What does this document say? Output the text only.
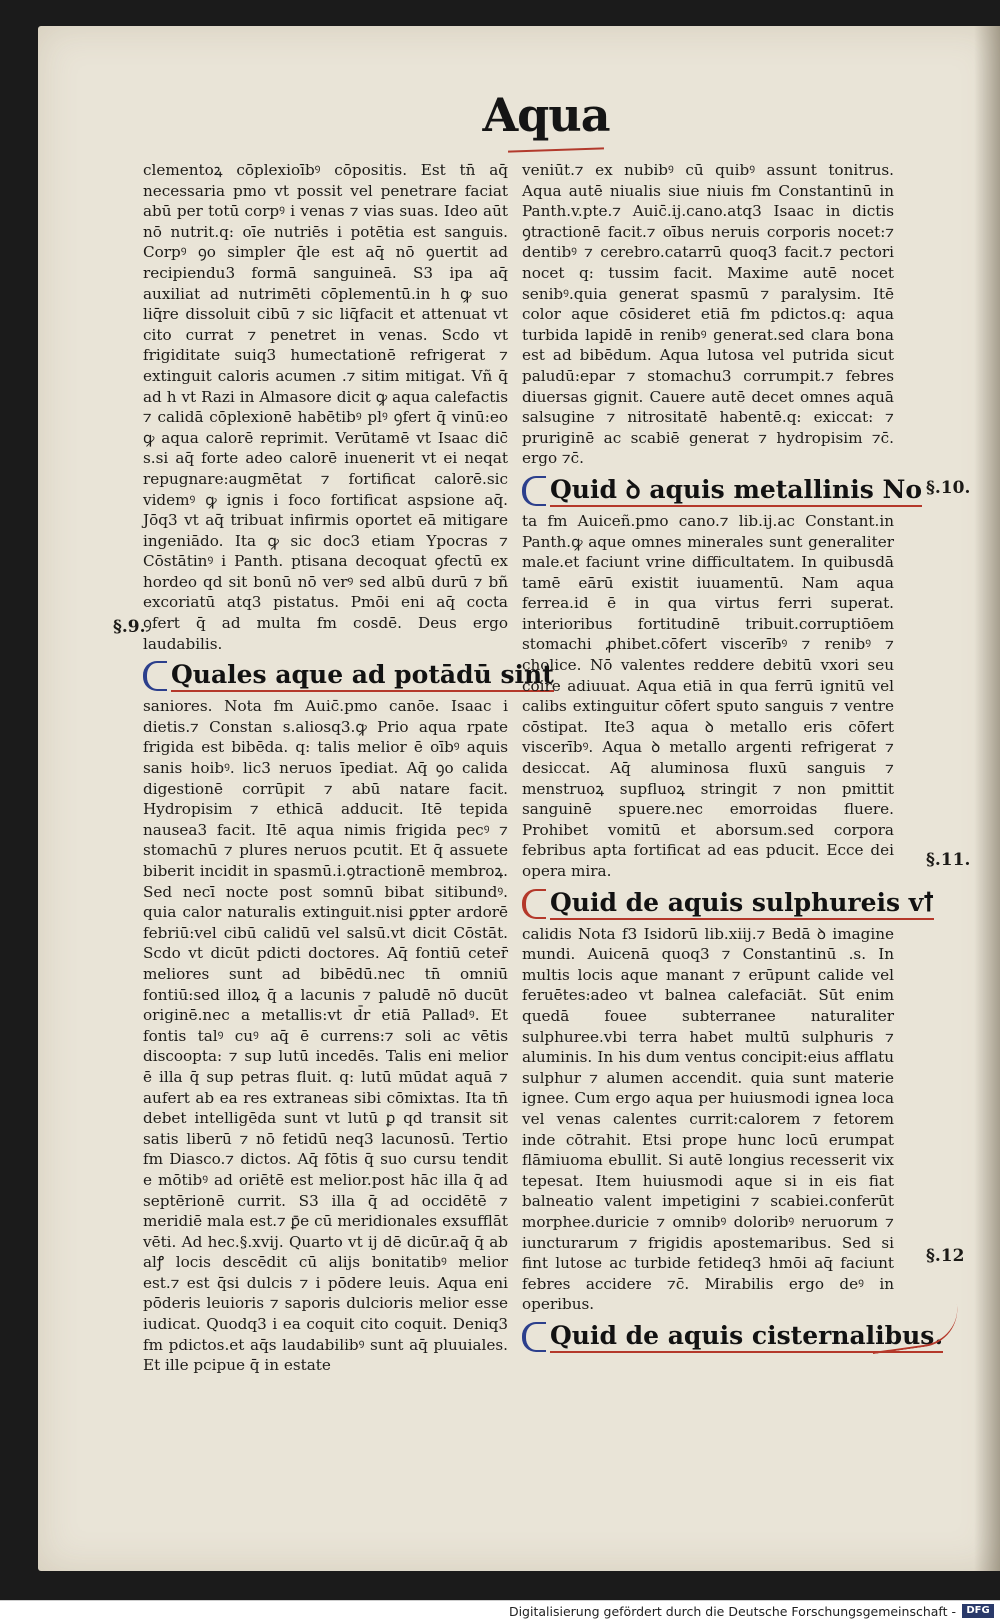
Aqua

clementoꝝ cōplexioībꝰ cōpositis. Est tn̄ aq̄ necessaria pmo vt possit vel penetrare faciat abū per totū corpꝰ i venas ⁊ vias suas. Ideo aūt nō nutrit.q: oīe nutriēs i potētia est sanguis. Corpꝰ ꝯo simpler q̄le est aq̄ nō ꝯuertit ad recipiendu3 formā sanguineā. S3 ipa aq̄ auxiliat ad nutrimēti cōplementū.in h ꝙ suo liq̄re dissoluit cibū ⁊ sic liq̄facit et attenuat vt cito currat ⁊ penetret in venas. Scdo vt frigiditate suiq3 humectationē refrigerat ⁊ extinguit caloris acumen .⁊ sitim mitigat. Vñ q̄ ad h vt Razi in Almasore dicit ꝙ aqua calefactis ⁊ calidā cōplexionē habētibꝰ plꝰ ꝯfert q̄ vinū:eo ꝙ aqua calorē reprimit. Verūtamē vt Isaac dic̄ s.si aq̄ forte adeo calorē inuenerit vt ei neqat repugnare:augmētat ⁊ fortificat calorē.sic videmꝰ ꝙ ignis i foco fortificat aspsione aq̄. Jōq3 vt aq̄ tribuat infirmis oportet eā mitigare ingeniādo. Ita ꝙ sic doc3 etiam Ypocras ⁊ Cōstātinꝰ i Panth. ptisana decoquat ꝯfectū ex hordeo qd sit bonū nō verꝰ sed albū durū ⁊ bñ excoriatū atq3 pistatus. Pmōi eni aq̄ cocta ꝯfert q̄ ad multa fm cosdē. Deus ergo laudabilis.

Quales aque ad potādū sint

saniores. Nota fm Auic̄.pmo canōe. Isaac i dietis.⁊ Constan s.aliosq3.ꝙ Prio aqua rpate frigida est bibēda. q: talis melior ē oībꝰ aquis sanis hoibꝰ. lic3 neruos īpediat. Aq̄ ꝯo calida digestionē corrūpit ⁊ abū natare facit. Hydropisim ⁊ ethicā adducit. Itē tepida nausea3 facit. Itē aqua nimis frigida pecꝰ ⁊ stomachū ⁊ plures neruos pcutit. Et q̄ assuete biberit incidit in spasmū.i.ꝯtractionē membroꝝ. Sed necī nocte post somnū bibat sitibundꝰ. quia calor naturalis extinguit.nisi ꝑpter ardorē febriū:vel cibū calidū vel salsū.vt dicit Cōstāt. Scdo vt dicūt pdicti doctores. Aq̄ fontiū ceter̄ meliores sunt ad bibēdū.nec tn̄ omniū fontiū:sed illoꝝ q̄ a lacunis ⁊ paludē nō ducūt originē.nec a metallis:vt d̄r etiā Palladꝰ. Et fontis talꝰ cuꝰ aq̄ ē currens:⁊ soli ac vētis discoopta: ⁊ sup lutū incedēs. Talis eni melior ē illa q̄ sup petras fluit. q: lutū mūdat aquā ⁊ aufert ab ea res extraneas sibi cōmixtas. Ita tn̄ debet intelligēda sunt vt lutū ꝑ qd transit sit satis liberū ⁊ nō fetidū neq3 lacunosū. Tertio fm Diasco.⁊ dictos. Aq̄ fōtis q̄ suo cursu tendit e mōtibꝰ ad oriētē est melior.post hāc illa q̄ ad septērionē currit. S3 illa q̄ ad occidētē ⁊ meridiē mala est.⁊ ꝑ̄e cū meridionales exsufflāt vēti. Ad hec.§.xvij. Quarto vt ij dē dicūr.aq̄ q̄ ab alꝭ locis descēdit cū alijs bonitatibꝰ melior est.⁊ est q̄si dulcis ⁊ i pōdere leuis. Aqua eni pōderis leuioris ⁊ saporis dulcioris melior esse iudicat. Quodq3 i ea coquit cito coquit. Deniq3 fm pdictos.et aq̄s laudabilibꝰ sunt aq̄ pluuiales. Et ille pcipue q̄ in estate

veniūt.⁊ ex nubibꝰ cū quibꝰ assunt tonitrus. Aqua autē niualis siue niuis fm Constantinū in Panth.v.pte.⁊ Auic̄.ij.cano.atq3 Isaac in dictis ꝯtractionē facit.⁊ oībus neruis corporis nocet:⁊ dentibꝰ ⁊ cerebro.catarrū quoq3 facit.⁊ pectori nocet q: tussim facit. Maxime autē nocet senibꝰ.quia generat spasmū ⁊ paralysim. Itē color aque cōsideret etiā fm pdictos.q: aqua turbida lapidē in renibꝰ generat.sed clara bona est ad bibēdum. Aqua lutosa vel putrida sicut paludū:epar ⁊ stomachu3 corrumpit.⁊ febres diuersas gignit. Cauere autē decet omnes aquā salsugine ⁊ nitrositatē habentē.q: exiccat: ⁊ pruriginē ac scabiē generat ⁊ hydropisim ⁊c̄. ergo ⁊c̄.

Quid ꝺ aquis metallinis No

ta fm Auiceñ.pmo cano.⁊ lib.ij.ac Constant.in Panth.ꝙ aque omnes minerales sunt generaliter male.et faciunt vrine difficultatem. In quibusdā tamē eārū existit iuuamentū. Nam aqua ferrea.id ē in qua virtus ferri superat. interioribus fortitudinē tribuit.corruptiōem stomachi ꝓhibet.cōfert viscerībꝰ ⁊ renibꝰ ⁊ cholice. Nō valentes reddere debitū vxori seu coire adiuuat. Aqua etiā in qua ferrū ignitū vel calibs extinguitur cōfert sputo sanguis ⁊ ventre cōstipat. Ite3 aqua ꝺ metallo eris cōfert viscerībꝰ. Aqua ꝺ metallo argenti refrigerat ⁊ desiccat. Aq̄ aluminosa fluxū sanguis ⁊ menstruoꝝ supfluoꝝ stringit ⁊ non pmittit sanguinē spuere.nec emorroidas fluere. Prohibet vomitū et aborsum.sed corpora febribus apta fortificat ad eas pducit. Ecce dei opera mira.

Quid de aquis sulphureis vꝉ

calidis Nota f3 Isidorū lib.xiij.⁊ Bedā ꝺ imagine mundi. Auicenā quoq3 ⁊ Constantinū .s. In multis locis aque manant ⁊ erūpunt calide vel feruētes:adeo vt balnea calefaciāt. Sūt enim quedā fouee subterranee naturaliter sulphuree.vbi terra habet multū sulphuris ⁊ aluminis. In his dum ventus concipit:eius afflatu sulphur ⁊ alumen accendit. quia sunt materie ignee. Cum ergo aqua per huiusmodi ignea loca vel venas calentes currit:calorem ⁊ fetorem inde cōtrahit. Etsi prope hunc locū erumpat flāmiuoma ebullit. Si autē longius recesserit vix tepesat. Item huiusmodi aque si in eis fiat balneatio valent impetigini ⁊ scabiei.conferūt morphee.duricie ⁊ omnibꝰ doloribꝰ neruorum ⁊ iuncturarum ⁊ frigidis apostemaribus. Sed si fint lutose ac turbide fetideq3 hmōi aq̄ faciunt febres accidere ⁊c̄. Mirabilis ergo deꝰ in operibus.

Quid de aquis cisternalibus.
§.9.
§.10.
§.11.
§.12
Digitalisierung gefördert durch die Deutsche Forschungsgemeinschaft -	DFG
